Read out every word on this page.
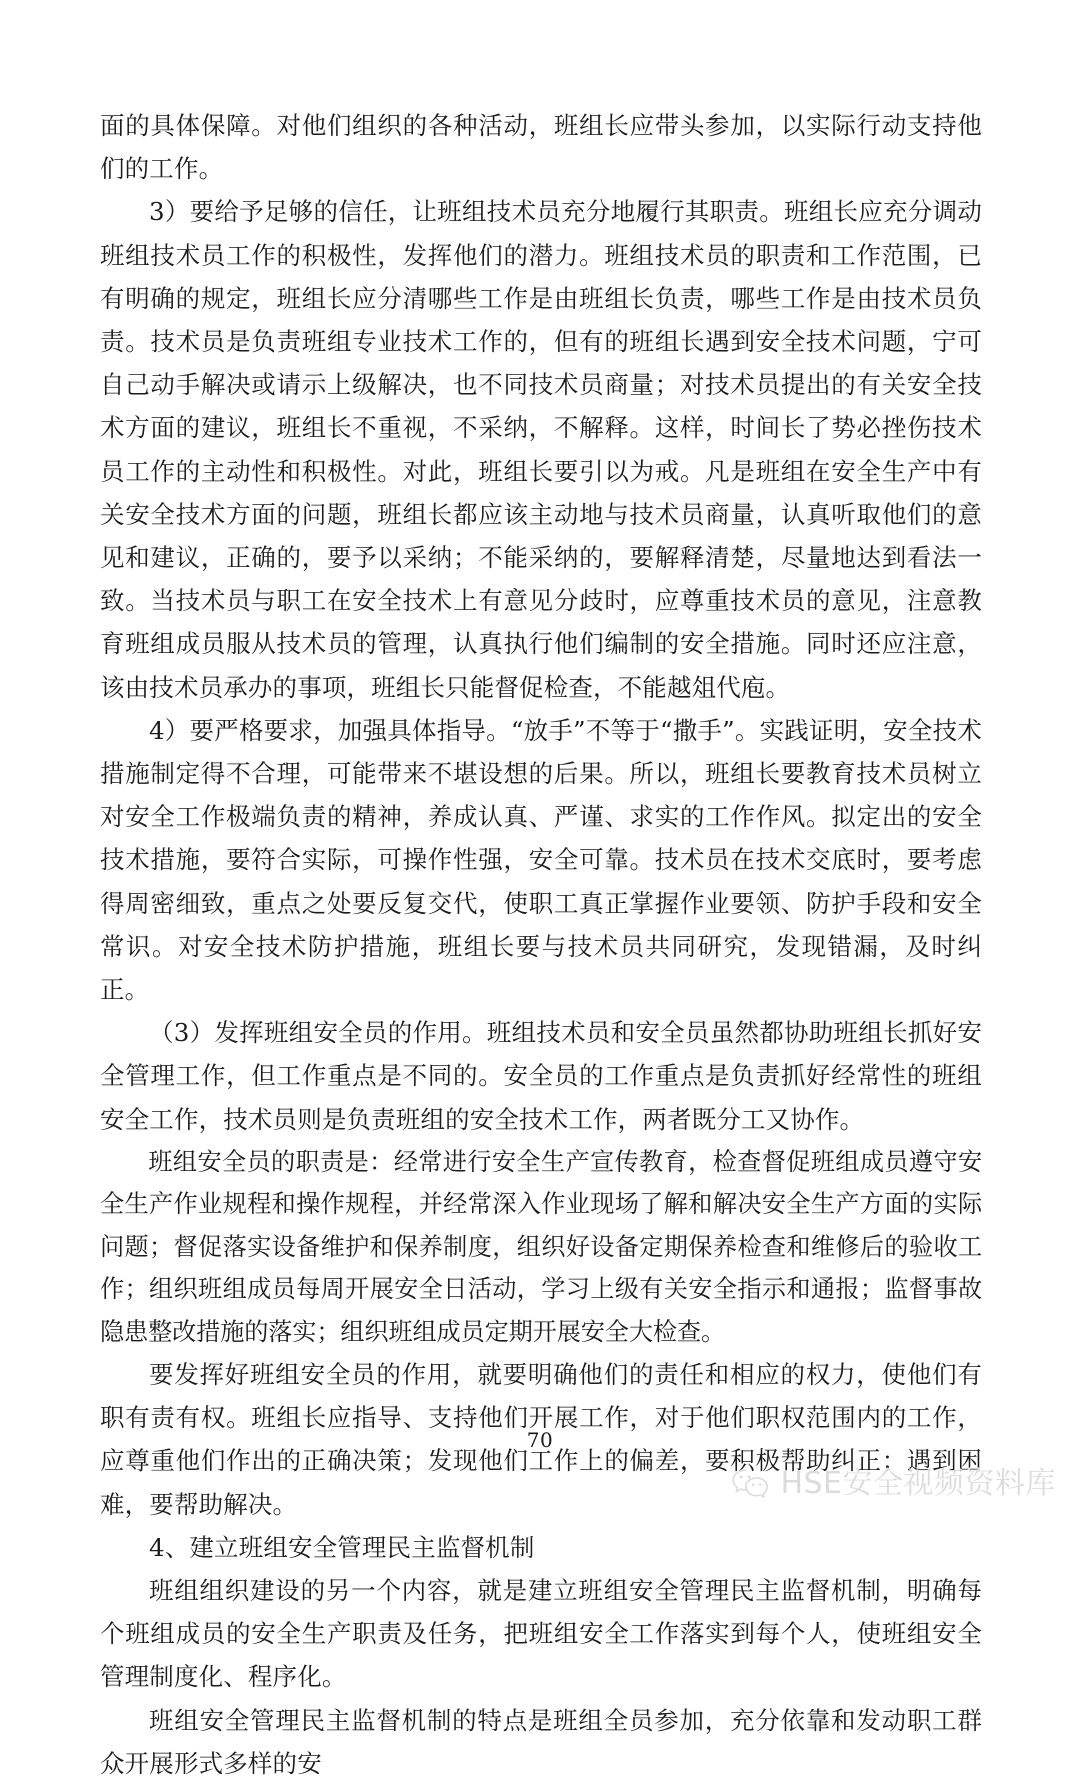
面的具体保障。对他们组织的各种活动，班组长应带头参加，以实际行动支持他们的工作。

3）要给予足够的信任，让班组技术员充分地履行其职责。班组长应充分调动班组技术员工作的积极性，发挥他们的潜力。班组技术员的职责和工作范围，已有明确的规定，班组长应分清哪些工作是由班组长负责，哪些工作是由技术员负责。技术员是负责班组专业技术工作的，但有的班组长遇到安全技术问题，宁可自己动手解决或请示上级解决，也不同技术员商量；对技术员提出的有关安全技术方面的建议，班组长不重视，不采纳，不解释。这样，时间长了势必挫伤技术员工作的主动性和积极性。对此，班组长要引以为戒。凡是班组在安全生产中有关安全技术方面的问题，班组长都应该主动地与技术员商量，认真听取他们的意见和建议，正确的，要予以采纳；不能采纳的，要解释清楚，尽量地达到看法一致。当技术员与职工在安全技术上有意见分歧时，应尊重技术员的意见，注意教育班组成员服从技术员的管理，认真执行他们编制的安全措施。同时还应注意，该由技术员承办的事项，班组长只能督促检查，不能越俎代庖。

4）要严格要求，加强具体指导。“放手”不等于“撒手”。实践证明，安全技术措施制定得不合理，可能带来不堪设想的后果。所以，班组长要教育技术员树立对安全工作极端负责的精神，养成认真、严谨、求实的工作作风。拟定出的安全技术措施，要符合实际，可操作性强，安全可靠。技术员在技术交底时，要考虑得周密细致，重点之处要反复交代，使职工真正掌握作业要领、防护手段和安全常识。对安全技术防护措施，班组长要与技术员共同研究，发现错漏，及时纠正。

（3）发挥班组安全员的作用。班组技术员和安全员虽然都协助班组长抓好安全管理工作，但工作重点是不同的。安全员的工作重点是负责抓好经常性的班组安全工作，技术员则是负责班组的安全技术工作，两者既分工又协作。

班组安全员的职责是：经常进行安全生产宣传教育，检查督促班组成员遵守安全生产作业规程和操作规程，并经常深入作业现场了解和解决安全生产方面的实际问题；督促落实设备维护和保养制度，组织好设备定期保养检查和维修后的验收工作；组织班组成员每周开展安全日活动，学习上级有关安全指示和通报；监督事故隐患整改措施的落实；组织班组成员定期开展安全大检查。

要发挥好班组安全员的作用，就要明确他们的责任和相应的权力，使他们有职有责有权。班组长应指导、支持他们开展工作，对于他们职权范围内的工作，应尊重他们作出的正确决策；发现他们工作上的偏差，要积极帮助纠正；遇到困难，要帮助解决。

4、建立班组安全管理民主监督机制

班组组织建设的另一个内容，就是建立班组安全管理民主监督机制，明确每个班组成员的安全生产职责及任务，把班组安全工作落实到每个人，使班组安全管理制度化、程序化。

班组安全管理民主监督机制的特点是班组全员参加，充分依靠和发动职工群众开展形式多样的安

70
HSE安全视频资料库
